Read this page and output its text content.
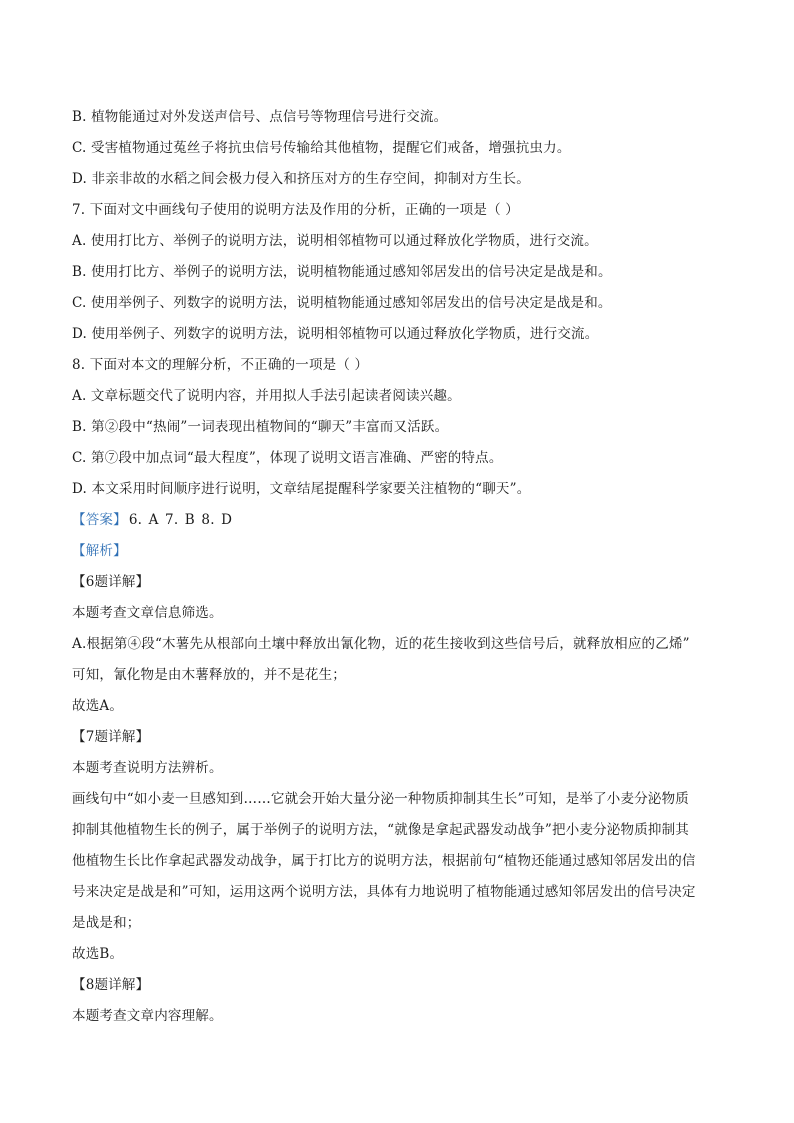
B. 植物能通过对外发送声信号、点信号等物理信号进行交流。
C. 受害植物通过菟丝子将抗虫信号传输给其他植物，提醒它们戒备，增强抗虫力。
D. 非亲非故的水稻之间会极力侵入和挤压对方的生存空间，抑制对方生长。
7. 下面对文中画线句子使用的说明方法及作用的分析，正确的一项是（ ）
A. 使用打比方、举例子的说明方法，说明相邻植物可以通过释放化学物质，进行交流。
B. 使用打比方、举例子的说明方法，说明植物能通过感知邻居发出的信号决定是战是和。
C. 使用举例子、列数字的说明方法，说明植物能通过感知邻居发出的信号决定是战是和。
D. 使用举例子、列数字的说明方法，说明相邻植物可以通过释放化学物质，进行交流。
8. 下面对本文的理解分析，不正确的一项是（ ）
A. 文章标题交代了说明内容，并用拟人手法引起读者阅读兴趣。
B. 第②段中“热闹”一词表现出植物间的“聊天”丰富而又活跃。
C. 第⑦段中加点词“最大程度”，体现了说明文语言准确、严密的特点。
D. 本文采用时间顺序进行说明，文章结尾提醒科学家要关注植物的“聊天”。
【答案】 6. A 7. B 8. D
【解析】
【6题详解】
本题考查文章信息筛选。
A.根据第④段“木薯先从根部向土壤中释放出氰化物，近的花生接收到这些信号后，就释放相应的乙烯”
可知，氰化物是由木薯释放的，并不是花生；
故选A。
【7题详解】
本题考查说明方法辨析。
画线句中“如小麦一旦感知到……它就会开始大量分泌一种物质抑制其生长”可知，是举了小麦分泌物质
抑制其他植物生长的例子，属于举例子的说明方法，“就像是拿起武器发动战争”把小麦分泌物质抑制其
他植物生长比作拿起武器发动战争，属于打比方的说明方法，根据前句“植物还能通过感知邻居发出的信
号来决定是战是和”可知，运用这两个说明方法，具体有力地说明了植物能通过感知邻居发出的信号决定
是战是和；
故选B。
【8题详解】
本题考查文章内容理解。
